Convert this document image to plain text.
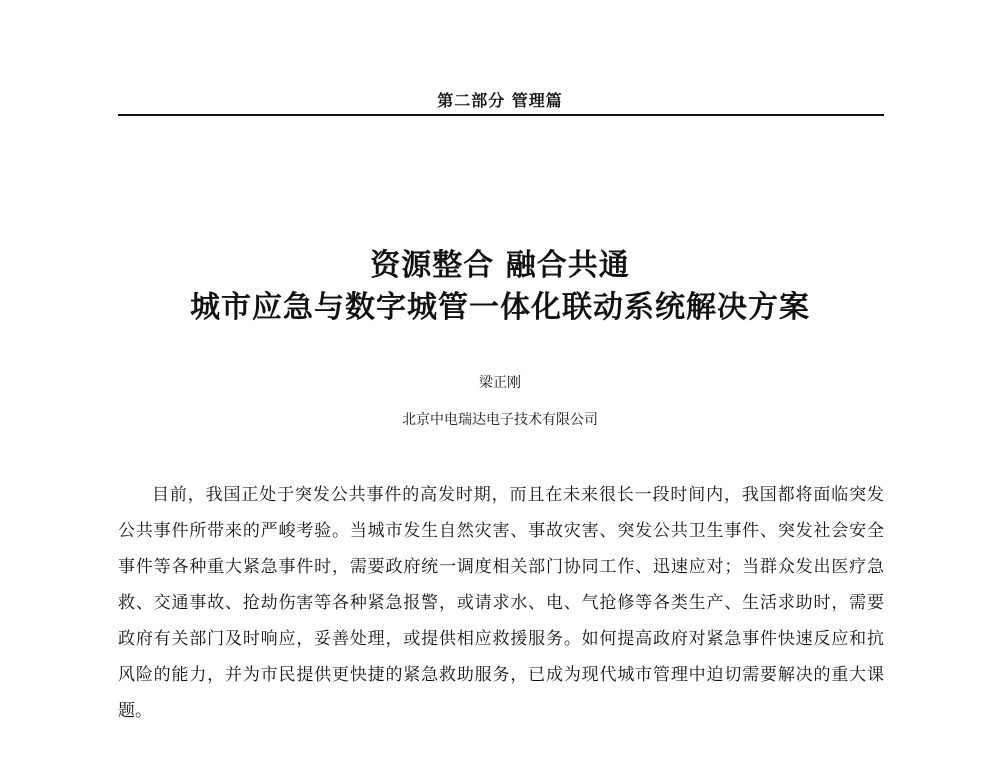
第二部分 管理篇
资源整合 融合共通
城市应急与数字城管一体化联动系统解决方案
梁正刚
北京中电瑞达电子技术有限公司
目前，我国正处于突发公共事件的高发时期，而且在未来很长一段时间内，我国都将面临突发
公共事件所带来的严峻考验。当城市发生自然灾害、事故灾害、突发公共卫生事件、突发社会安全
事件等各种重大紧急事件时，需要政府统一调度相关部门协同工作、迅速应对；当群众发出医疗急
救、交通事故、抢劫伤害等各种紧急报警，或请求水、电、气抢修等各类生产、生活求助时，需要
政府有关部门及时响应，妥善处理，或提供相应救援服务。如何提高政府对紧急事件快速反应和抗
风险的能力，并为市民提供更快捷的紧急救助服务，已成为现代城市管理中迫切需要解决的重大课
题。
